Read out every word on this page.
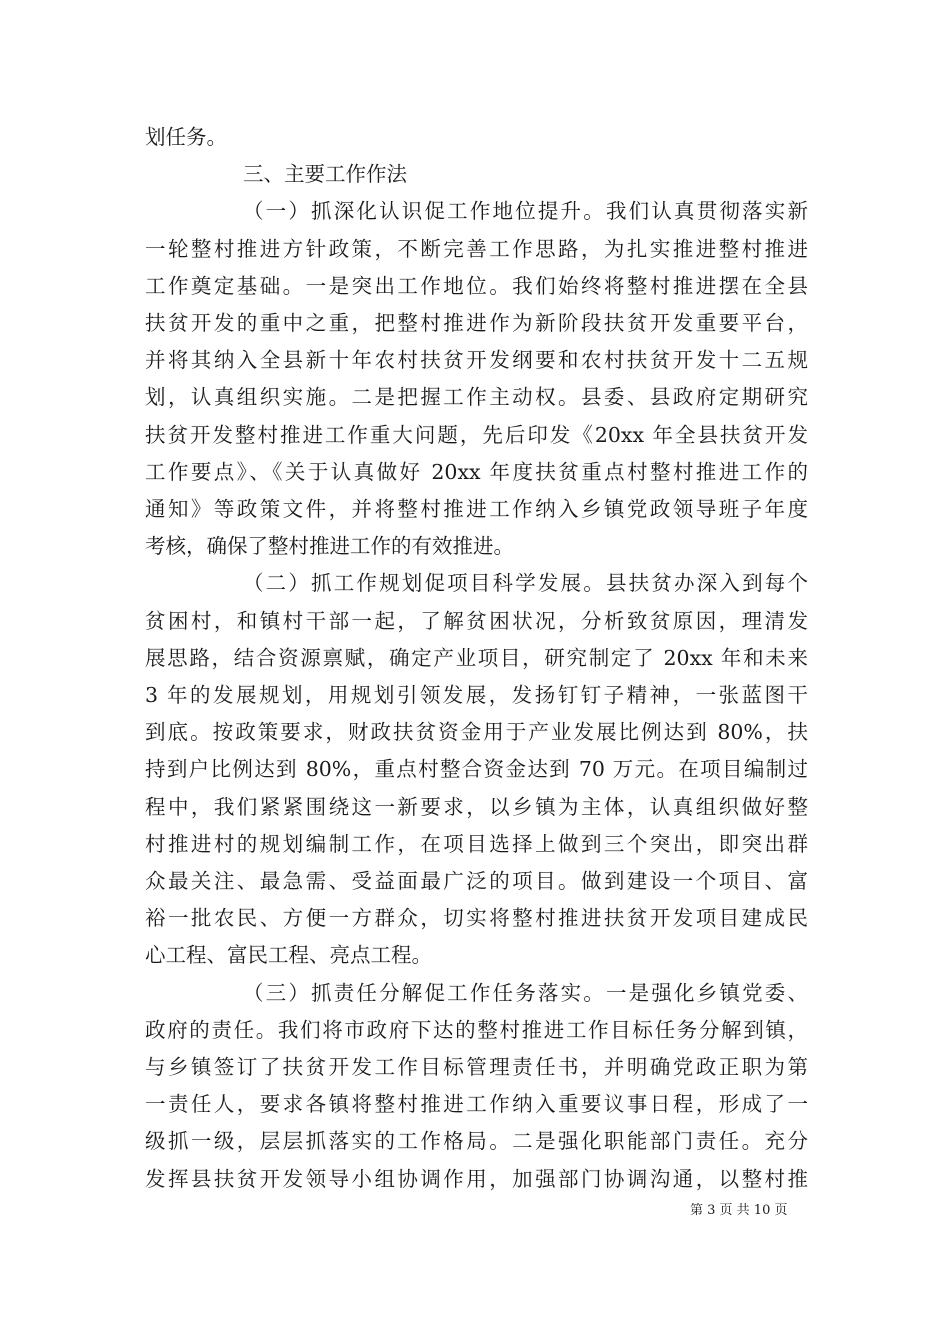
划任务。
三、主要工作作法
（一）抓深化认识促工作地位提升。我们认真贯彻落实新
一轮整村推进方针政策，不断完善工作思路，为扎实推进整村推进
工作奠定基础。一是突出工作地位。我们始终将整村推进摆在全县
扶贫开发的重中之重，把整村推进作为新阶段扶贫开发重要平台，
并将其纳入全县新十年农村扶贫开发纲要和农村扶贫开发十二五规
划，认真组织实施。二是把握工作主动权。县委、县政府定期研究
扶贫开发整村推进工作重大问题，先后印发《20xx 年全县扶贫开发
工作要点》、《关于认真做好 20xx 年度扶贫重点村整村推进工作的
通知》等政策文件，并将整村推进工作纳入乡镇党政领导班子年度
考核，确保了整村推进工作的有效推进。
（二）抓工作规划促项目科学发展。县扶贫办深入到每个
贫困村，和镇村干部一起，了解贫困状况，分析致贫原因，理清发
展思路，结合资源禀赋，确定产业项目，研究制定了 20xx 年和未来
3 年的发展规划，用规划引领发展，发扬钉钉子精神，一张蓝图干
到底。按政策要求，财政扶贫资金用于产业发展比例达到 80%，扶
持到户比例达到 80%，重点村整合资金达到 70 万元。在项目编制过
程中，我们紧紧围绕这一新要求，以乡镇为主体，认真组织做好整
村推进村的规划编制工作，在项目选择上做到三个突出，即突出群
众最关注、最急需、受益面最广泛的项目。做到建设一个项目、富
裕一批农民、方便一方群众，切实将整村推进扶贫开发项目建成民
心工程、富民工程、亮点工程。
（三）抓责任分解促工作任务落实。一是强化乡镇党委、
政府的责任。我们将市政府下达的整村推进工作目标任务分解到镇，
与乡镇签订了扶贫开发工作目标管理责任书，并明确党政正职为第
一责任人，要求各镇将整村推进工作纳入重要议事日程，形成了一
级抓一级，层层抓落实的工作格局。二是强化职能部门责任。充分
发挥县扶贫开发领导小组协调作用，加强部门协调沟通，以整村推
第 3 页 共 10 页
